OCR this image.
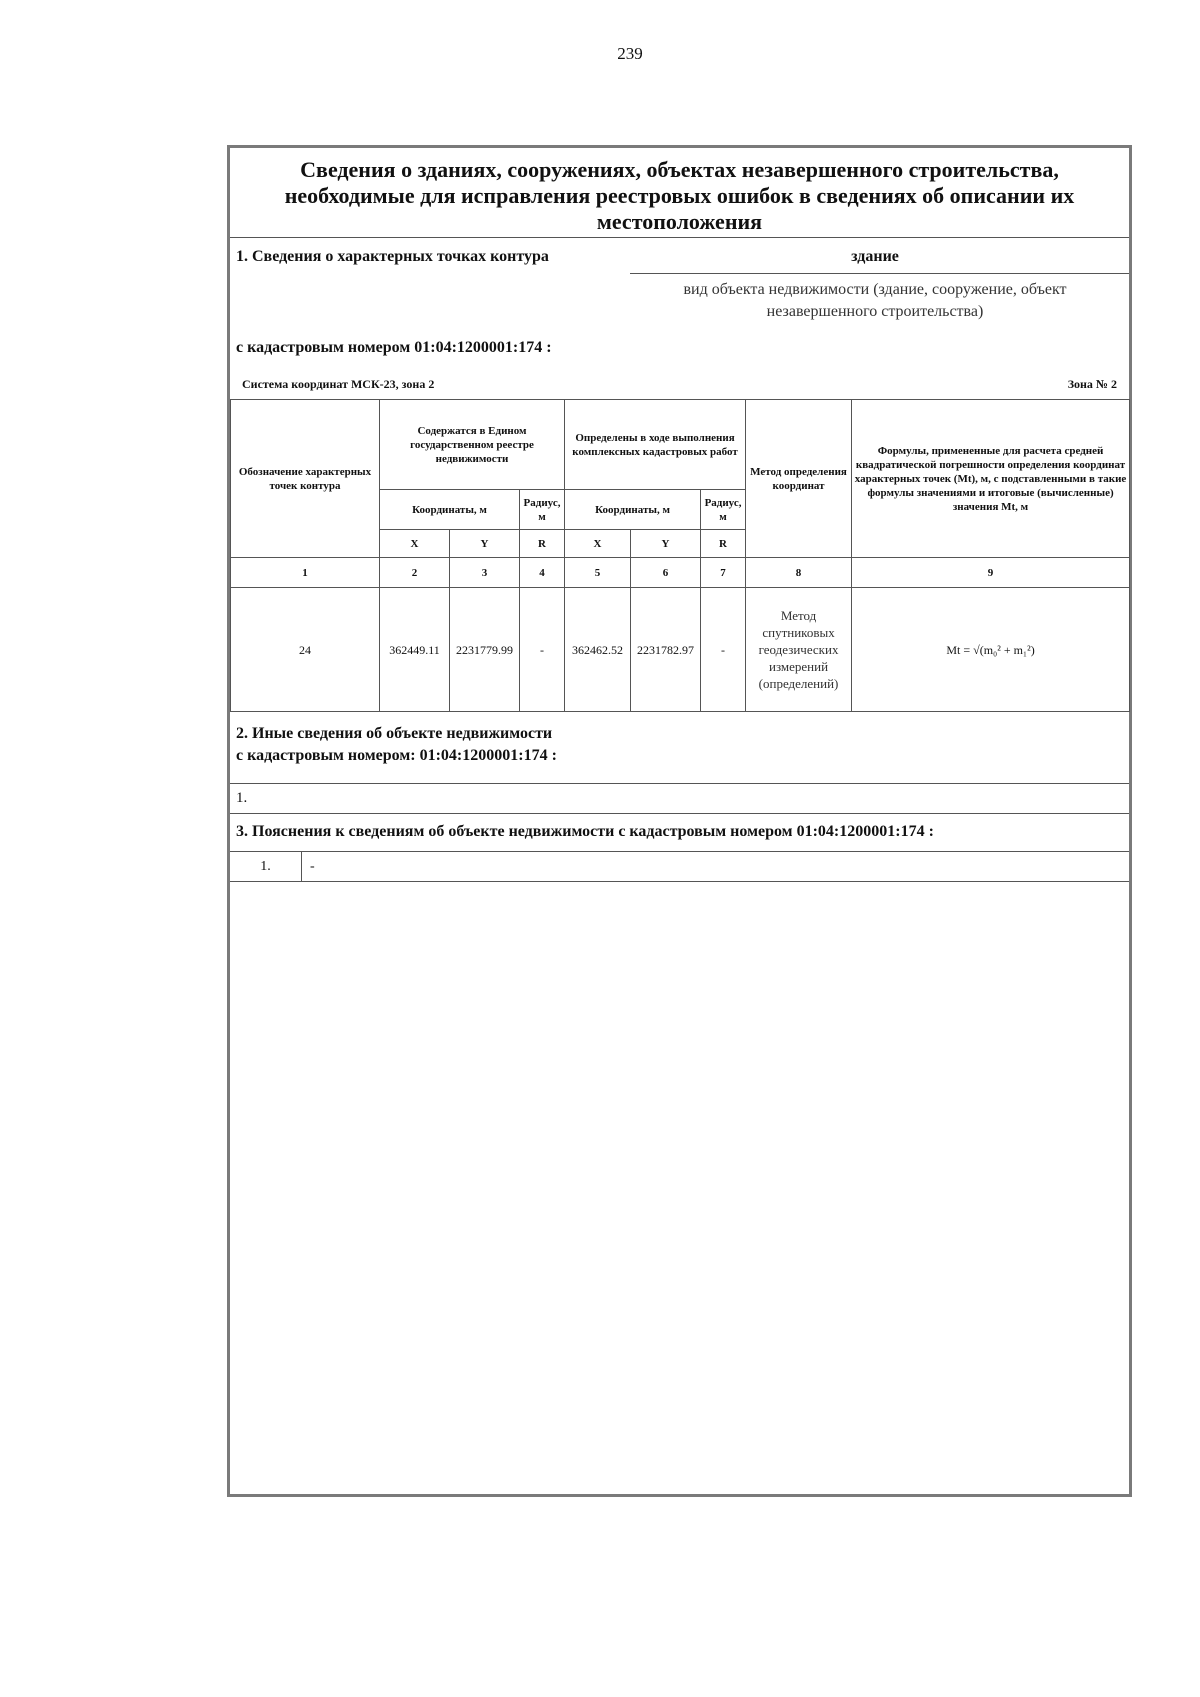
239
Сведения о зданиях, сооружениях, объектах незавершенного строительства,
необходимые для исправления реестровых ошибок в сведениях об описании их
местоположения
1. Сведения о характерных точках контура	здание
вид объекта недвижимости (здание, сооружение, объект
незавершенного строительства)
с кадастровым номером 01:04:1200001:174 :
Система координат МСК-23, зона 2	Зона № 2
Обозначение характерных точек контура	Содержатся в Едином государственном реестре недвижимости			Определены в ходе выполнения комплексных кадастровых работ			Метод определения координат	Формулы, примененные для расчета средней квадратической погрешности определения координат характерных точек (Mt), м, с подставленными в такие формулы значениями и итоговые (вычисленные) значения Mt, м
	Координаты, м		Радиус, м	Координаты, м		Радиус, м		
	X	Y	R	X	Y	R		
1	2	3	4	5	6	7	8	9
24	362449.11	2231779.99	-	362462.52	2231782.97	-	Метод спутниковых геодезических измерений (определений)	Mt = √(m₀² + m₁²)
2. Иные сведения об объекте недвижимости
с кадастровым номером: 01:04:1200001:174 :
1.
3. Пояснения к сведениям об объекте недвижимости с кадастровым номером 01:04:1200001:174 :
1.	-
